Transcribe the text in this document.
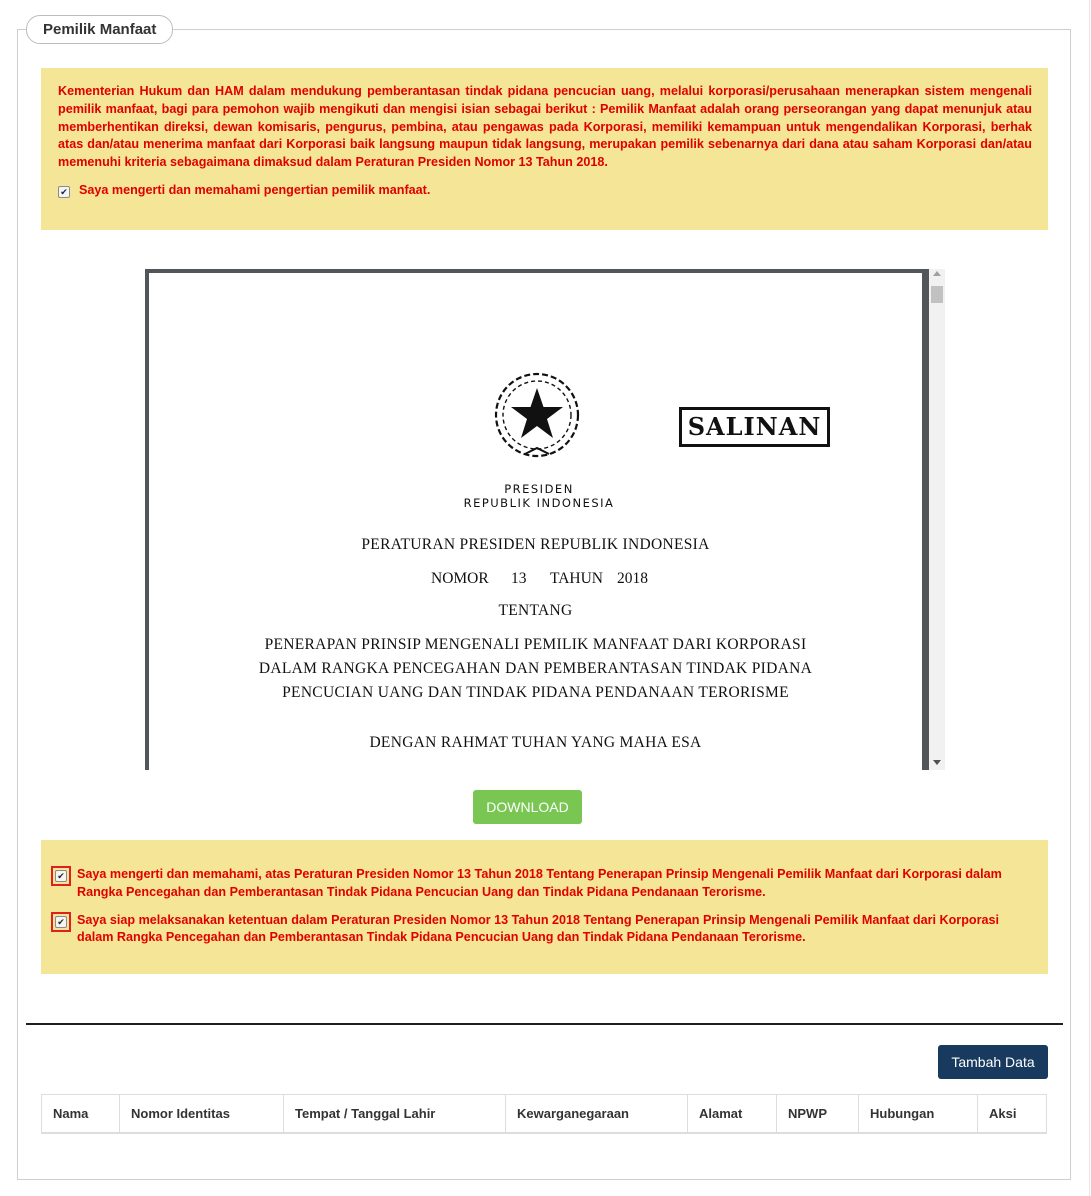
Pemilik Manfaat
Kementerian Hukum dan HAM dalam mendukung pemberantasan tindak pidana pencucian uang, melalui korporasi/perusahaan menerapkan sistem mengenali pemilik manfaat, bagi para pemohon wajib mengikuti dan mengisi isian sebagai berikut : Pemilik Manfaat adalah orang perseorangan yang dapat menunjuk atau memberhentikan direksi, dewan komisaris, pengurus, pembina, atau pengawas pada Korporasi, memiliki kemampuan untuk mengendalikan Korporasi, berhak atas dan/atau menerima manfaat dari Korporasi baik langsung maupun tidak langsung, merupakan pemilik sebenarnya dari dana atau saham Korporasi dan/atau memenuhi kriteria sebagaimana dimaksud dalam Peraturan Presiden Nomor 13 Tahun 2018.
✔ Saya mengerti dan memahami pengertian pemilik manfaat.
SALINAN
PRESIDEN
REPUBLIK INDONESIA
PERATURAN PRESIDEN REPUBLIK INDONESIA
NOMOR 13 TAHUN 2018
TENTANG
PENERAPAN PRINSIP MENGENALI PEMILIK MANFAAT DARI KORPORASI
DALAM RANGKA PENCEGAHAN DAN PEMBERANTASAN TINDAK PIDANA
PENCUCIAN UANG DAN TINDAK PIDANA PENDANAAN TERORISME
DENGAN RAHMAT TUHAN YANG MAHA ESA
DOWNLOAD
✔ Saya mengerti dan memahami, atas Peraturan Presiden Nomor 13 Tahun 2018 Tentang Penerapan Prinsip Mengenali Pemilik Manfaat dari Korporasi dalam Rangka Pencegahan dan Pemberantasan Tindak Pidana Pencucian Uang dan Tindak Pidana Pendanaan Terorisme.
✔ Saya siap melaksanakan ketentuan dalam Peraturan Presiden Nomor 13 Tahun 2018 Tentang Penerapan Prinsip Mengenali Pemilik Manfaat dari Korporasi dalam Rangka Pencegahan dan Pemberantasan Tindak Pidana Pencucian Uang dan Tindak Pidana Pendanaan Terorisme.
Tambah Data
Nama	Nomor Identitas	Tempat / Tanggal Lahir	Kewarganegaraan	Alamat	NPWP	Hubungan	Aksi
